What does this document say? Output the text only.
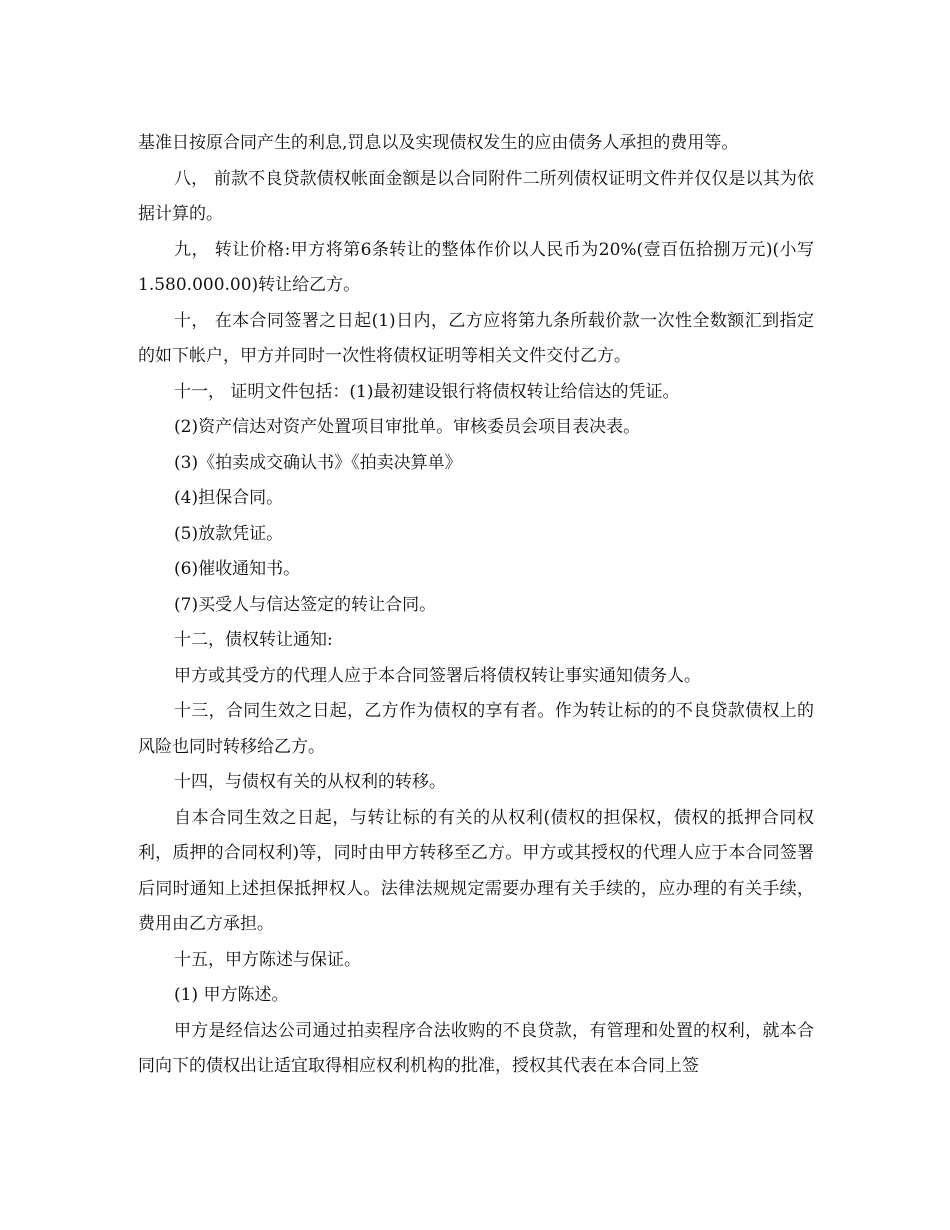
基准日按原合同产生的利息,罚息以及实现债权发生的应由债务人承担的费用等。

八， 前款不良贷款债权帐面金额是以合同附件二所列债权证明文件并仅仅是以其为依据计算的。

九， 转让价格:甲方将第6条转让的整体作价以人民币为20%(壹百伍拾捌万元)(小写1.580.000.00)转让给乙方。

十， 在本合同签署之日起(1)日内，乙方应将第九条所载价款一次性全数额汇到指定的如下帐户，甲方并同时一次性将债权证明等相关文件交付乙方。

十一， 证明文件包括：(1)最初建设银行将债权转让给信达的凭证。

(2)资产信达对资产处置项目审批单。审核委员会项目表决表。

(3)《拍卖成交确认书》《拍卖决算单》

(4)担保合同。

(5)放款凭证。

(6)催收通知书。

(7)买受人与信达签定的转让合同。

十二，债权转让通知:

甲方或其受方的代理人应于本合同签署后将债权转让事实通知债务人。

十三，合同生效之日起，乙方作为债权的享有者。作为转让标的的不良贷款债权上的风险也同时转移给乙方。

十四，与债权有关的从权利的转移。

自本合同生效之日起，与转让标的有关的从权利(债权的担保权，债权的抵押合同权利，质押的合同权利)等，同时由甲方转移至乙方。甲方或其授权的代理人应于本合同签署后同时通知上述担保抵押权人。法律法规规定需要办理有关手续的，应办理的有关手续，费用由乙方承担。

十五，甲方陈述与保证。

(1) 甲方陈述。

甲方是经信达公司通过拍卖程序合法收购的不良贷款，有管理和处置的权利，就本合同向下的债权出让适宜取得相应权利机构的批准，授权其代表在本合同上签
